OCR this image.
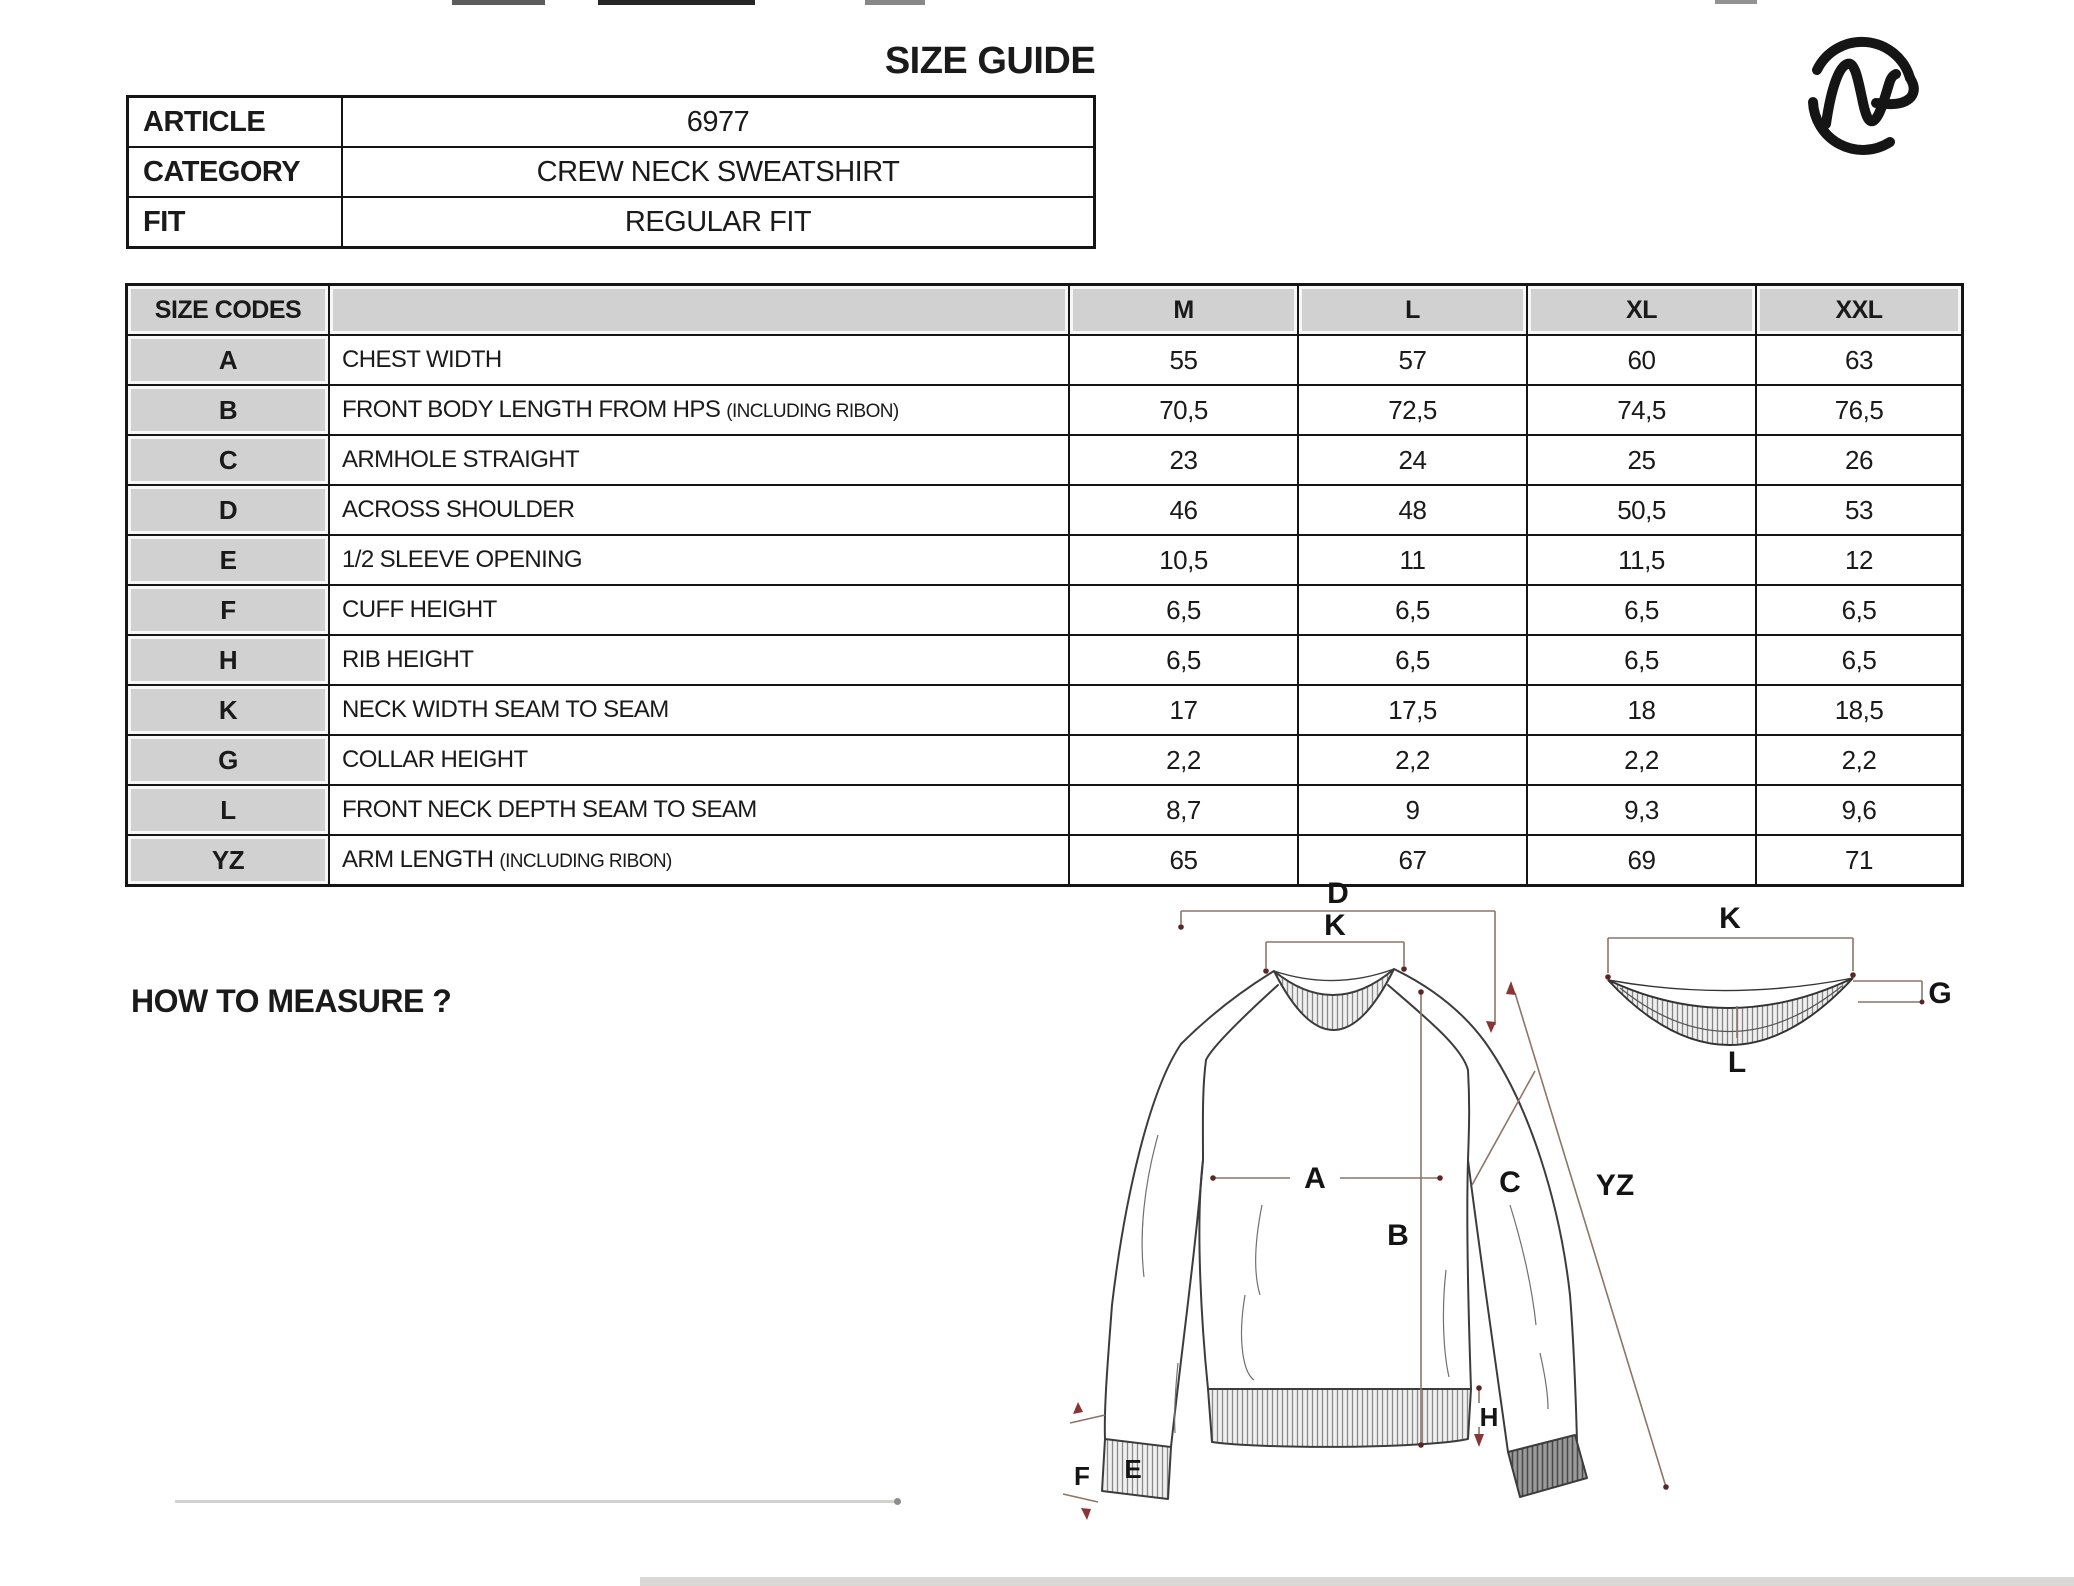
SIZE GUIDE
ARTICLE	6977
CATEGORY	CREW NECK SWEATSHIRT
FIT	REGULAR FIT
SIZE CODES		M	L	XL	XXL

A	CHEST WIDTH	55	57	60	63

B	FRONT BODY LENGTH FROM HPS (INCLUDING RIBON)	70,5	72,5	74,5	76,5

C	ARMHOLE STRAIGHT	23	24	25	26

D	ACROSS SHOULDER	46	48	50,5	53

E	1/2 SLEEVE OPENING	10,5	11	11,5	12

F	CUFF HEIGHT	6,5	6,5	6,5	6,5

H	RIB HEIGHT	6,5	6,5	6,5	6,5

K	NECK WIDTH SEAM TO SEAM	17	17,5	18	18,5

G	COLLAR HEIGHT	2,2	2,2	2,2	2,2

L	FRONT NECK DEPTH SEAM TO SEAM	8,7	9	9,3	9,6

YZ	ARM LENGTH (INCLUDING RIBON)	65	67	69	71
HOW TO MEASURE ?
D
K
A
B
C YZ
H
F E
K
G
L
